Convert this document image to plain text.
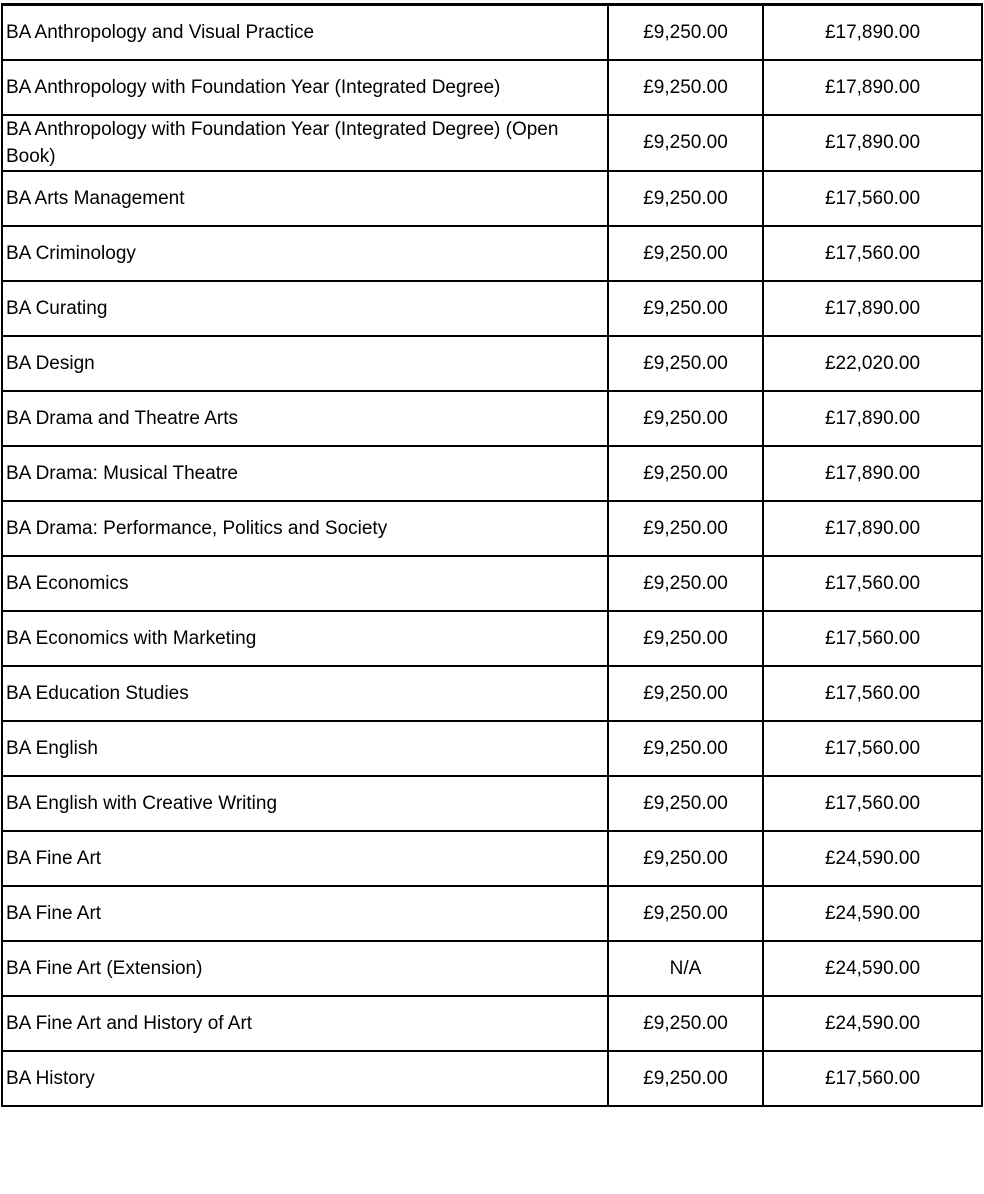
BA Anthropology and Visual Practice	£9,250.00	£17,890.00
BA Anthropology with Foundation Year (Integrated Degree)	£9,250.00	£17,890.00
BA Anthropology with Foundation Year (Integrated Degree) (Open Book)	£9,250.00	£17,890.00
BA Arts Management	£9,250.00	£17,560.00
BA Criminology	£9,250.00	£17,560.00
BA Curating	£9,250.00	£17,890.00
BA Design	£9,250.00	£22,020.00
BA Drama and Theatre Arts	£9,250.00	£17,890.00
BA Drama: Musical Theatre	£9,250.00	£17,890.00
BA Drama: Performance, Politics and Society	£9,250.00	£17,890.00
BA Economics	£9,250.00	£17,560.00
BA Economics with Marketing	£9,250.00	£17,560.00
BA Education Studies	£9,250.00	£17,560.00
BA English	£9,250.00	£17,560.00
BA English with Creative Writing	£9,250.00	£17,560.00
BA Fine Art	£9,250.00	£24,590.00
BA Fine Art	£9,250.00	£24,590.00
BA Fine Art (Extension)	N/A	£24,590.00
BA Fine Art and History of Art	£9,250.00	£24,590.00
BA History	£9,250.00	£17,560.00
